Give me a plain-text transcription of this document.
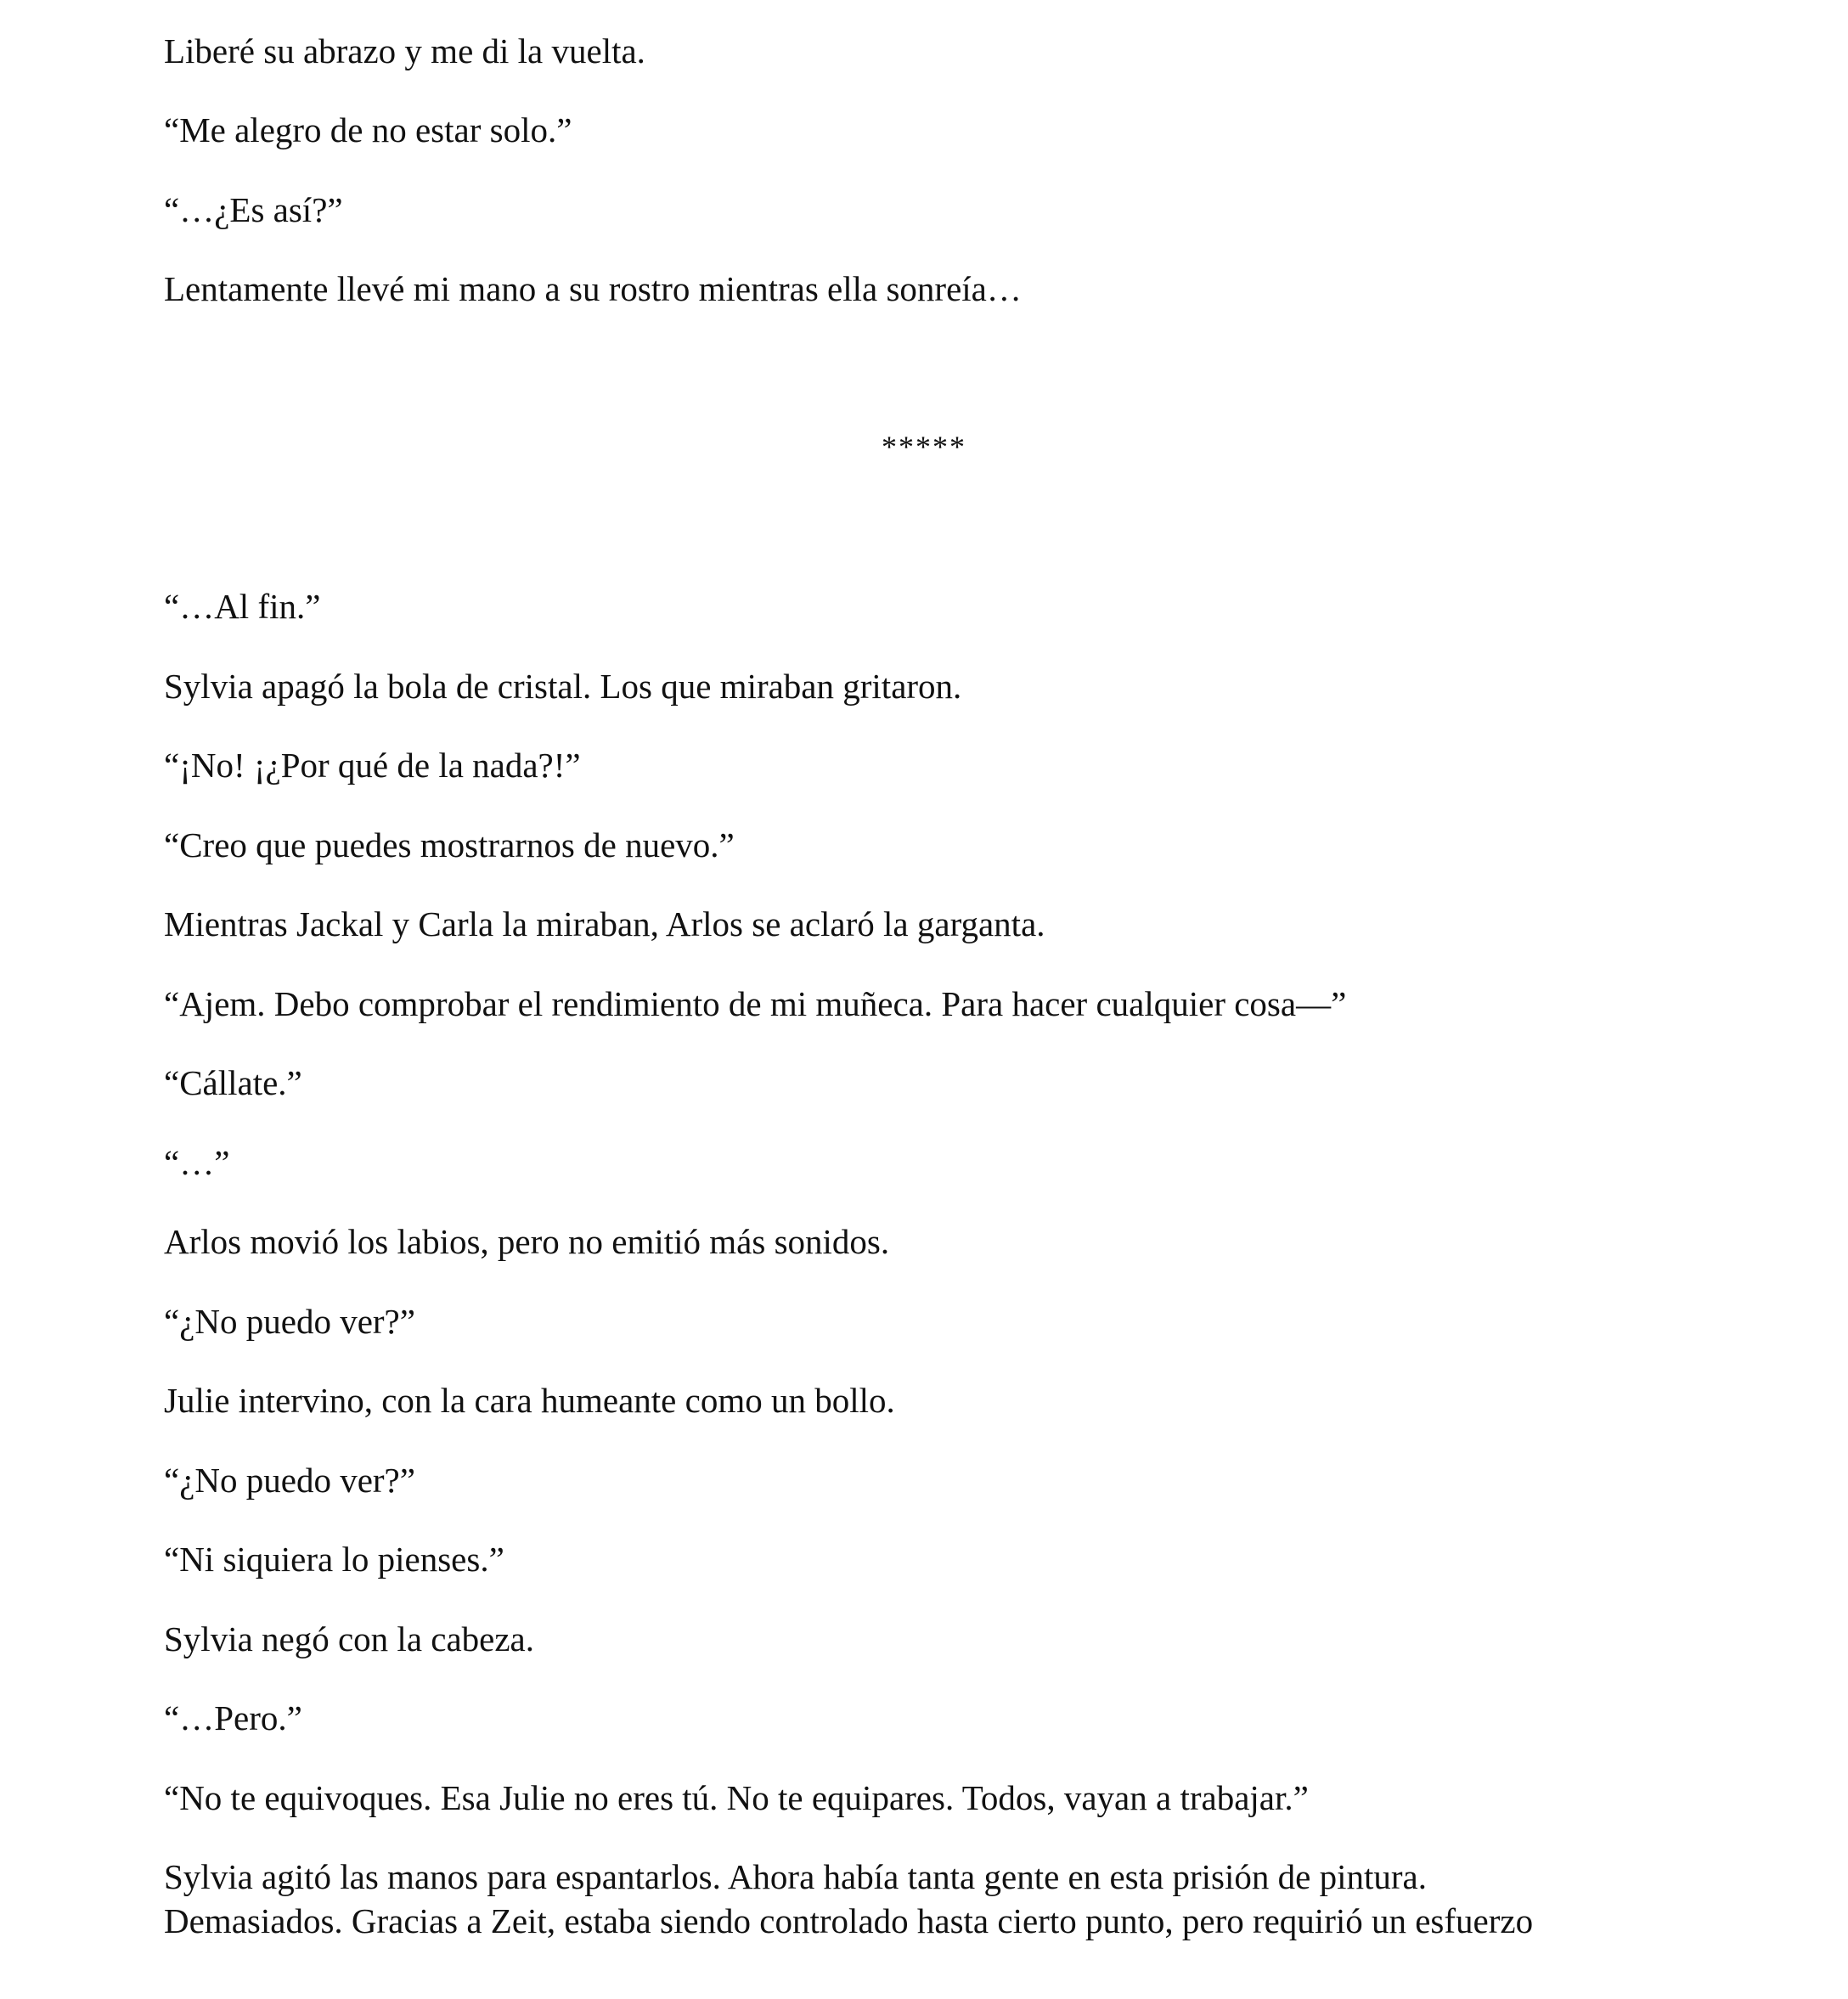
Liberé su abrazo y me di la vuelta.

“Me alegro de no estar solo.”

“…¿Es así?”

Lentamente llevé mi mano a su rostro mientras ella sonreía…

*****

“…Al fin.”

Sylvia apagó la bola de cristal. Los que miraban gritaron.

“¡No! ¡¿Por qué de la nada?!”

“Creo que puedes mostrarnos de nuevo.”

Mientras Jackal y Carla la miraban, Arlos se aclaró la garganta.

“Ajem. Debo comprobar el rendimiento de mi muñeca. Para hacer cualquier cosa—”

“Cállate.”

“…”

Arlos movió los labios, pero no emitió más sonidos.

“¿No puedo ver?”

Julie intervino, con la cara humeante como un bollo.

“¿No puedo ver?”

“Ni siquiera lo pienses.”

Sylvia negó con la cabeza.

“…Pero.”

“No te equivoques. Esa Julie no eres tú. No te equipares. Todos, vayan a trabajar.”

Sylvia agitó las manos para espantarlos. Ahora había tanta gente en esta prisión de pintura.
Demasiados. Gracias a Zeit, estaba siendo controlado hasta cierto punto, pero requirió un esfuerzo
